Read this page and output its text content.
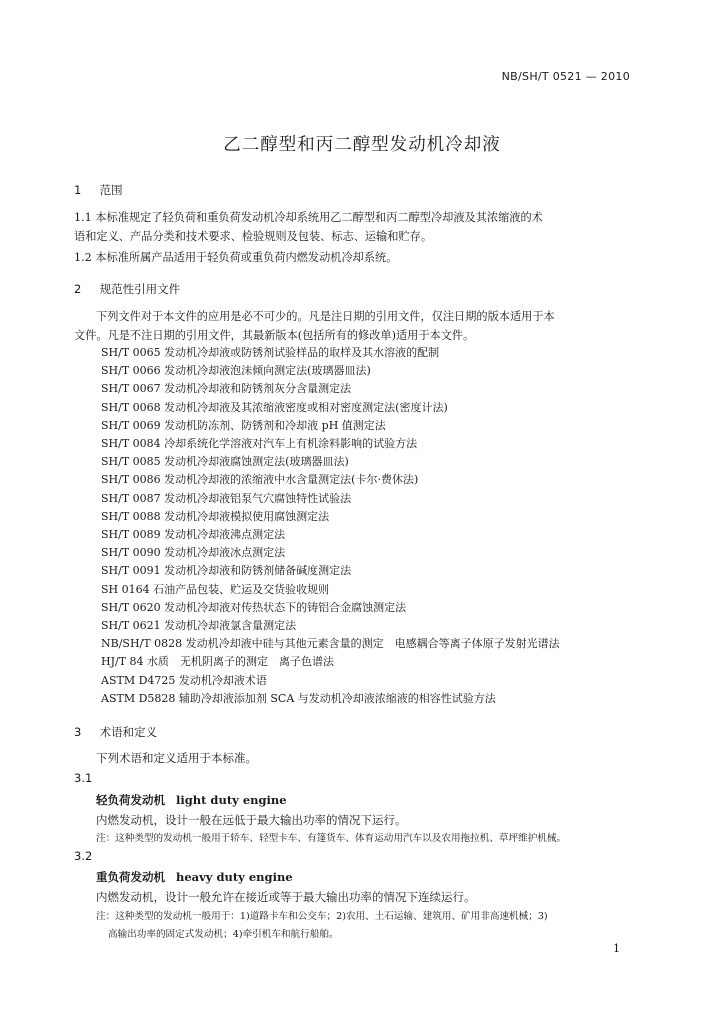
NB/SH/T 0521 — 2010
乙二醇型和丙二醇型发动机冷却液
1 范围
1.1 本标准规定了轻负荷和重负荷发动机冷却系统用乙二醇型和丙二醇型冷却液及其浓缩液的术
语和定义、产品分类和技术要求、检验规则及包装、标志、运输和贮存。
1.2 本标准所属产品适用于轻负荷或重负荷内燃发动机冷却系统。
2 规范性引用文件
下列文件对于本文件的应用是必不可少的。凡是注日期的引用文件，仅注日期的版本适用于本
文件。凡是不注日期的引用文件，其最新版本(包括所有的修改单)适用于本文件。
SH/T 0065 发动机冷却液或防锈剂试验样品的取样及其水溶液的配制
SH/T 0066 发动机冷却液泡沫倾向测定法(玻璃器皿法)
SH/T 0067 发动机冷却液和防锈剂灰分含量测定法
SH/T 0068 发动机冷却液及其浓缩液密度或相对密度测定法(密度计法)
SH/T 0069 发动机防冻剂、防锈剂和冷却液 pH 值测定法
SH/T 0084 冷却系统化学溶液对汽车上有机涂料影响的试验方法
SH/T 0085 发动机冷却液腐蚀测定法(玻璃器皿法)
SH/T 0086 发动机冷却液的浓缩液中水含量测定法(卡尔·费休法)
SH/T 0087 发动机冷却液铝泵气穴腐蚀特性试验法
SH/T 0088 发动机冷却液模拟使用腐蚀测定法
SH/T 0089 发动机冷却液沸点测定法
SH/T 0090 发动机冷却液冰点测定法
SH/T 0091 发动机冷却液和防锈剂储备碱度测定法
SH 0164 石油产品包装、贮运及交货验收规则
SH/T 0620 发动机冷却液对传热状态下的铸铝合金腐蚀测定法
SH/T 0621 发动机冷却液氯含量测定法
NB/SH/T 0828 发动机冷却液中硅与其他元素含量的测定　电感耦合等离子体原子发射光谱法
HJ/T 84 水质　无机阴离子的测定　离子色谱法
ASTM D4725 发动机冷却液术语
ASTM D5828 辅助冷却液添加剂 SCA 与发动机冷却液浓缩液的相容性试验方法
3 术语和定义
下列术语和定义适用于本标准。
3.1
轻负荷发动机 light duty engine
内燃发动机，设计一般在远低于最大输出功率的情况下运行。
注：这种类型的发动机一般用于轿车、轻型卡车、有篷货车、体育运动用汽车以及农用拖拉机、草坪维护机械。
3.2
重负荷发动机 heavy duty engine
内燃发动机，设计一般允许在接近或等于最大输出功率的情况下连续运行。
注：这种类型的发动机一般用于：1)道路卡车和公交车；2)农用、土石运输、建筑用、矿用非高速机械；3)
高输出功率的固定式发动机；4)牵引机车和航行船舶。
1
